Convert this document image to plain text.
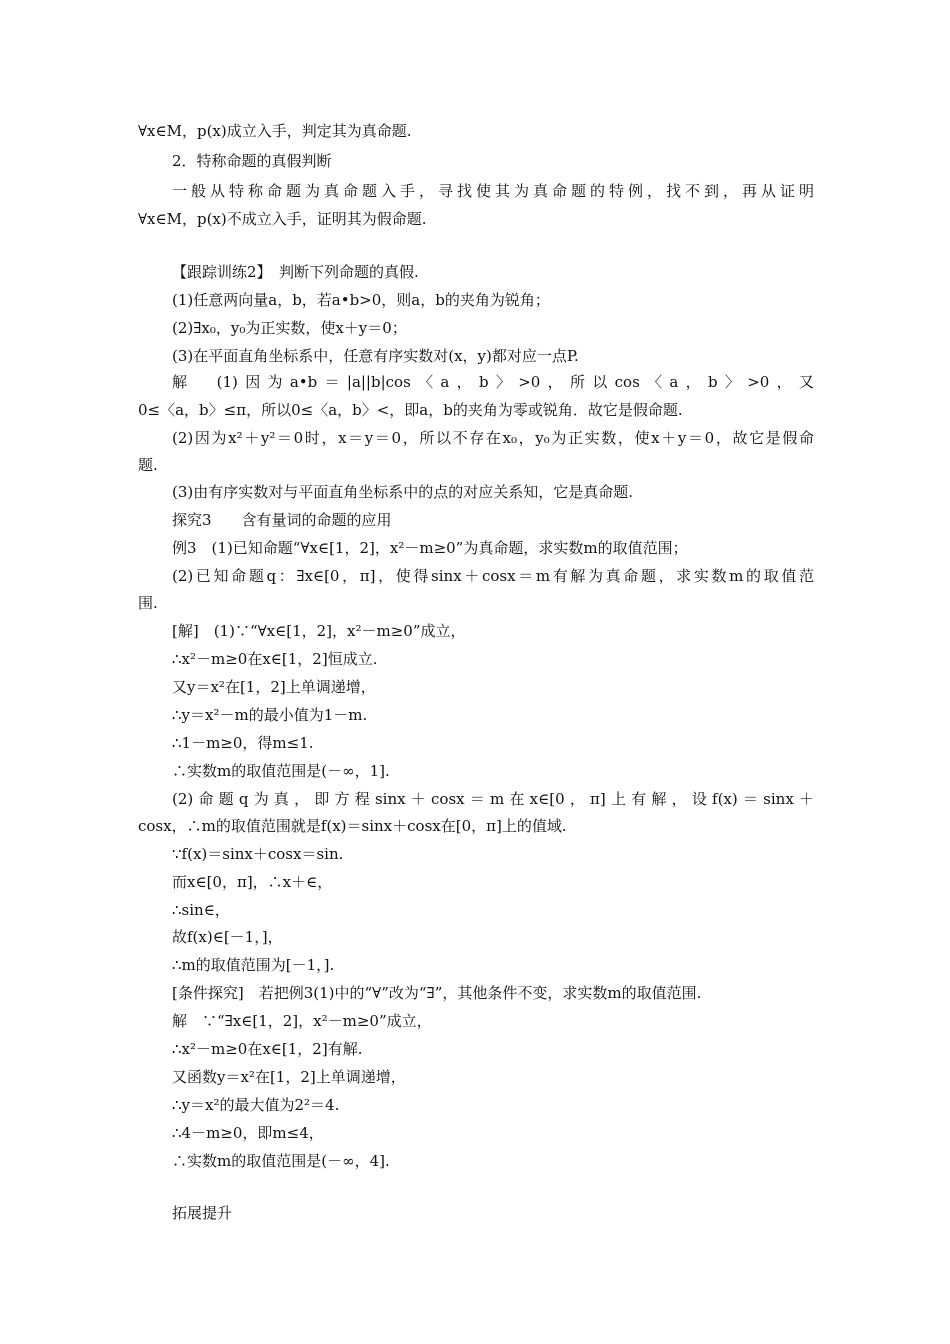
∀x∈M，p(x)成立入手，判定其为真命题.
2．特称命题的真假判断
一般从特称命题为真命题入手，寻找使其为真命题的特例，找不到，再从证明
∀x∈M，p(x)不成立入手，证明其为假命题.
【跟踪训练2】　判断下列命题的真假.
(1)任意两向量a，b，若a•b>0，则a，b的夹角为锐角；
(2)∃x₀，y₀为正实数，使x＋y＝0；
(3)在平面直角坐标系中，任意有序实数对(x，y)都对应一点P.
解　(1)因为a•b＝|a||b|cos〈a，b〉>0，所以cos〈a，b〉>0，又
0≤〈a，b〉≤π，所以0≤〈a，b〉<，即a，b的夹角为零或锐角．故它是假命题.
(2)因为x²＋y²＝0时，x＝y＝0，所以不存在x₀，y₀为正实数，使x＋y＝0，故它是假命
题.
(3)由有序实数对与平面直角坐标系中的点的对应关系知，它是真命题.
探究3　　含有量词的命题的应用
例3　(1)已知命题“∀x∈[1，2]，x²－m≥0”为真命题，求实数m的取值范围；
(2)已知命题q：∃x∈[0，π]，使得sinx＋cosx＝m有解为真命题，求实数m的取值范
围.
[解]　(1)∵“∀x∈[1，2]，x²－m≥0”成立，
∴x²－m≥0在x∈[1，2]恒成立.
又y＝x²在[1，2]上单调递增，
∴y＝x²－m的最小值为1－m.
∴1－m≥0，得m≤1.
∴实数m的取值范围是(－∞，1].
(2)命题q为真，即方程sinx＋cosx＝m在x∈[0，π]上有解，设f(x)＝sinx＋
cosx，∴m的取值范围就是f(x)＝sinx＋cosx在[0，π]上的值域.
∵f(x)＝sinx＋cosx＝sin.
而x∈[0，π]，∴x＋∈，
∴sin∈，
故f(x)∈[－1，]，
∴m的取值范围为[－1，].
[条件探究]　若把例3(1)中的“∀”改为“∃”，其他条件不变，求实数m的取值范围.
解　∵“∃x∈[1，2]，x²－m≥0”成立，
∴x²－m≥0在x∈[1，2]有解.
又函数y＝x²在[1，2]上单调递增，
∴y＝x²的最大值为2²＝4.
∴4－m≥0，即m≤4，
∴实数m的取值范围是(－∞，4].
拓展提升
